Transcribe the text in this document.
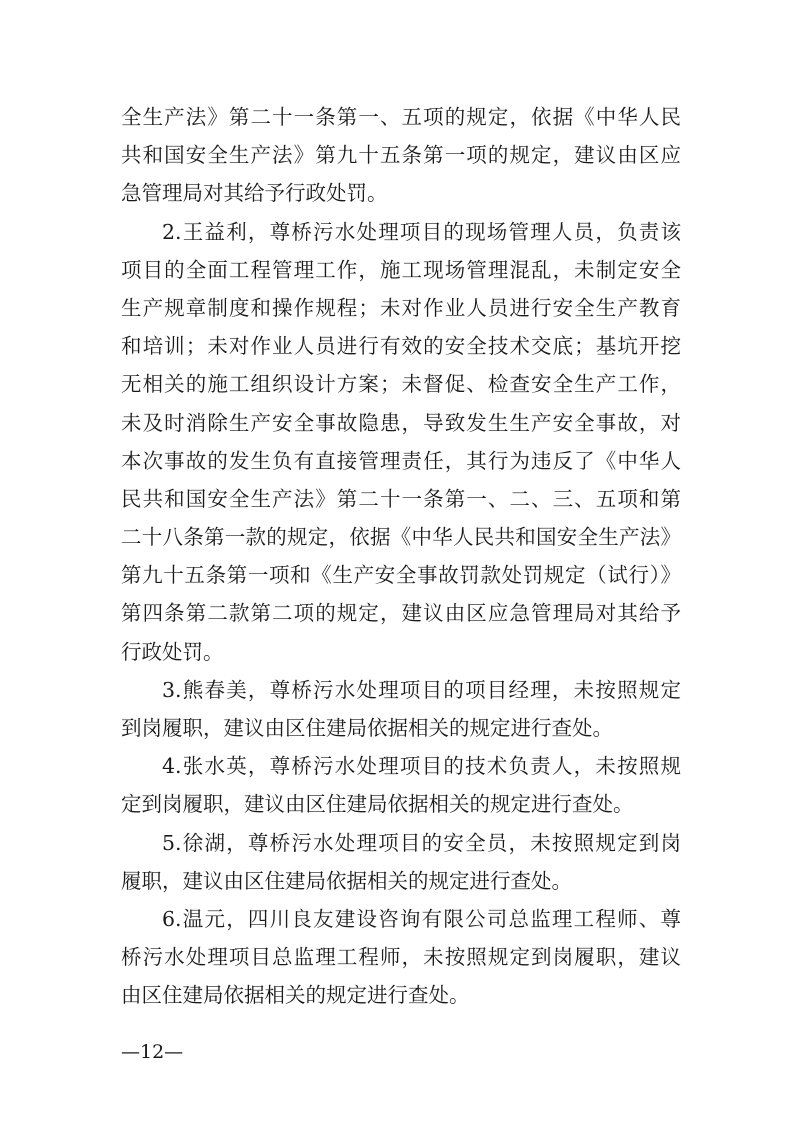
全生产法》第二十一条第一、五项的规定，依据《中华人民
共和国安全生产法》第九十五条第一项的规定，建议由区应
急管理局对其给予行政处罚。
2.王益利，尊桥污水处理项目的现场管理人员，负责该
项目的全面工程管理工作，施工现场管理混乱，未制定安全
生产规章制度和操作规程；未对作业人员进行安全生产教育
和培训；未对作业人员进行有效的安全技术交底；基坑开挖
无相关的施工组织设计方案；未督促、检查安全生产工作，
未及时消除生产安全事故隐患，导致发生生产安全事故，对
本次事故的发生负有直接管理责任，其行为违反了《中华人
民共和国安全生产法》第二十一条第一、二、三、五项和第
二十八条第一款的规定，依据《中华人民共和国安全生产法》
第九十五条第一项和《生产安全事故罚款处罚规定（试行）》
第四条第二款第二项的规定，建议由区应急管理局对其给予
行政处罚。
3.熊春美，尊桥污水处理项目的项目经理，未按照规定
到岗履职，建议由区住建局依据相关的规定进行查处。
4.张水英，尊桥污水处理项目的技术负责人，未按照规
定到岗履职，建议由区住建局依据相关的规定进行查处。
5.徐湖，尊桥污水处理项目的安全员，未按照规定到岗
履职，建议由区住建局依据相关的规定进行查处。
6.温元，四川良友建设咨询有限公司总监理工程师、尊
桥污水处理项目总监理工程师，未按照规定到岗履职，建议
由区住建局依据相关的规定进行查处。
—12—
